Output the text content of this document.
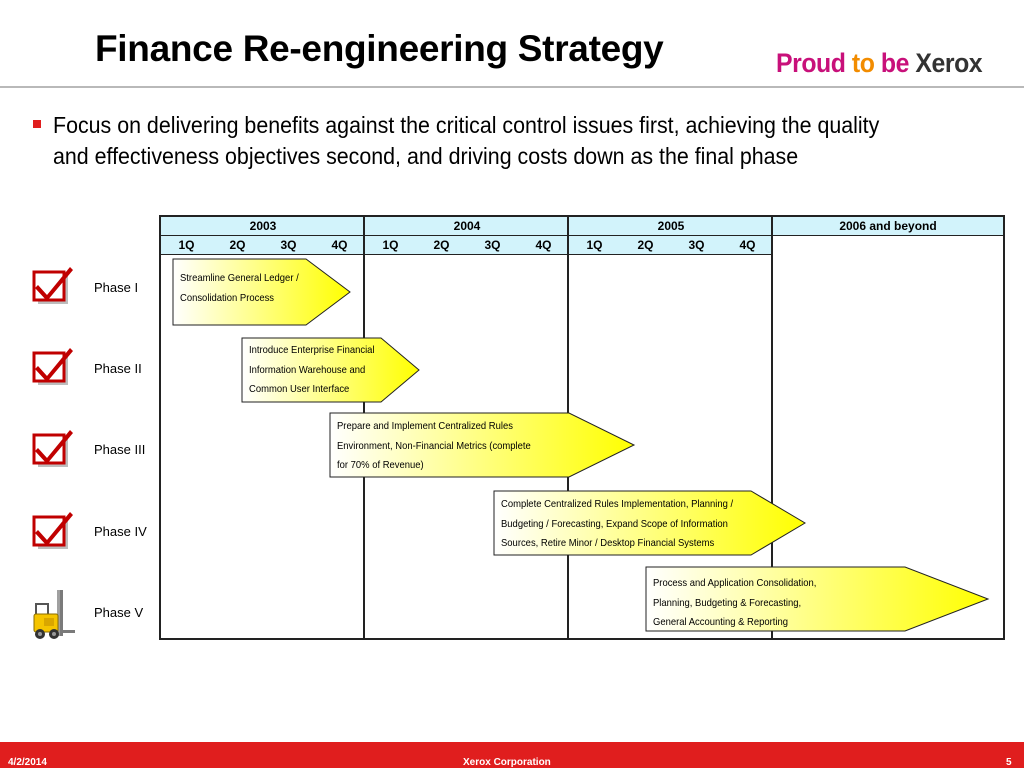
Finance Re-engineering Strategy	Proud to be Xerox
Focus on delivering benefits against the critical control issues first, achieving the quality and effectiveness objectives second, and driving costs down as the final phase
2003	2004	2005	2006 and beyond
1Q	2Q	3Q	4Q	1Q	2Q	3Q	4Q	1Q	2Q	3Q	4Q
Phase I
Phase II
Phase III
Phase IV
Phase V
Streamline General Ledger /
Consolidation Process
Introduce Enterprise Financial
Information Warehouse and
Common User Interface
Prepare and Implement Centralized Rules
Environment, Non-Financial Metrics (complete
for 70% of Revenue)
Complete Centralized Rules Implementation, Planning /
Budgeting / Forecasting, Expand Scope of Information
Sources, Retire Minor / Desktop Financial Systems
Process and Application Consolidation,
Planning, Budgeting & Forecasting,
General Accounting & Reporting
4/2/2014	Xerox Corporation	5
